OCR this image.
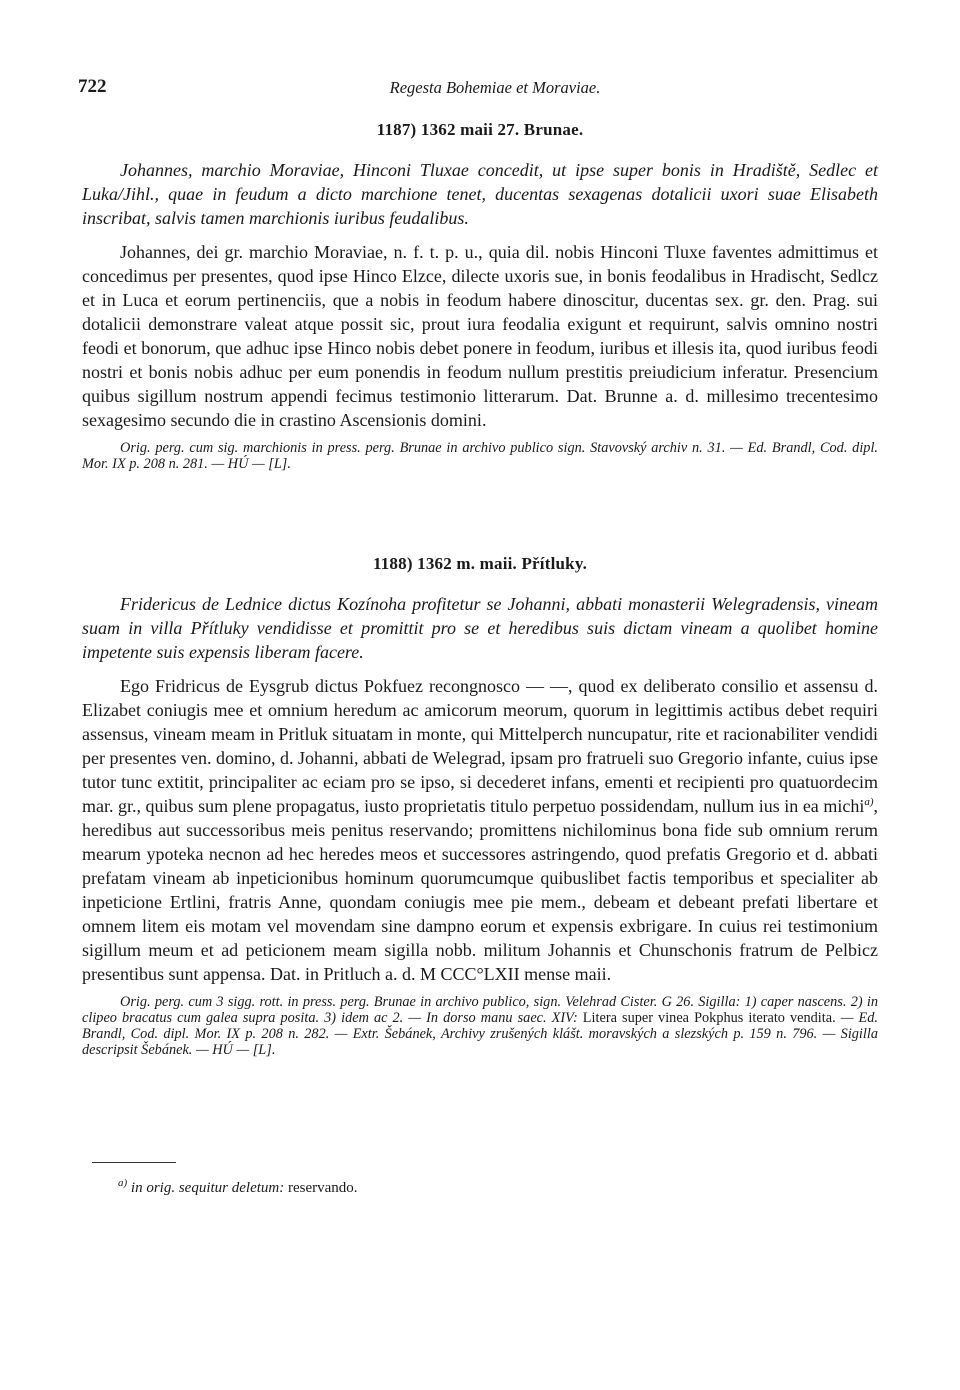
722	Regesta Bohemiae et Moraviae.
1187) 1362 maii 27. Brunae.
Johannes, marchio Moraviae, Hinconi Tluxae concedit, ut ipse super bonis in Hradiště, Sedlec et Luka/Jihl., quae in feudum a dicto marchione tenet, ducentas sexagenas dotalicii uxori suae Elisabeth inscribat, salvis tamen marchionis iuribus feudalibus.
Johannes, dei gr. marchio Moraviae, n. f. t. p. u., quia dil. nobis Hinconi Tluxe faventes admittimus et concedimus per presentes, quod ipse Hinco Elzce, dilecte uxoris sue, in bonis feodalibus in Hradischt, Sedlcz et in Luca et eorum pertinenciis, que a nobis in feodum habere dinoscitur, ducentas sex. gr. den. Prag. sui dotalicii demonstrare valeat atque possit sic, prout iura feodalia exigunt et requirunt, salvis omnino nostri feodi et bonorum, que adhuc ipse Hinco nobis debet ponere in feodum, iuribus et illesis ita, quod iuribus feodi nostri et bonis nobis adhuc per eum ponendis in feodum nullum prestitis preiudicium inferatur. Presencium quibus sigillum nostrum appendi fecimus testimonio litterarum. Dat. Brunne a. d. millesimo trecentesimo sexagesimo secundo die in crastino Ascensionis domini.
Orig. perg. cum sig. marchionis in press. perg. Brunae in archivo publico sign. Stavovský archiv n. 31. — Ed. Brandl, Cod. dipl. Mor. IX p. 208 n. 281. — HÚ — [L].
1188) 1362 m. maii. Přítluky.
Fridericus de Lednice dictus Kozínoha profitetur se Johanni, abbati monasterii Welegradensis, vineam suam in villa Přítluky vendidisse et promittit pro se et heredibus suis dictam vineam a quolibet homine impetente suis expensis liberam facere.
Ego Fridricus de Eysgrub dictus Pokfuez recongnosco — —, quod ex deliberato consilio et assensu d. Elizabet coniugis mee et omnium heredum ac amicorum meorum, quorum in legittimis actibus debet requiri assensus, vineam meam in Pritluk situatam in monte, qui Mittelperch nuncupatur, rite et racionabiliter vendidi per presentes ven. domino, d. Johanni, abbati de Welegrad, ipsam pro fratrueli suo Gregorio infante, cuius ipse tutor tunc extitit, principaliter ac eciam pro se ipso, si decederet infans, ementi et recipienti pro quatuordecim mar. gr., quibus sum plene propagatus, iusto proprietatis titulo perpetuo possidendam, nullum ius in ea michi$^{a)}$, heredibus aut successoribus meis penitus reservando; promittens nichilominus bona fide sub omnium rerum mearum ypoteka necnon ad hec heredes meos et successores astringendo, quod prefatis Gregorio et d. abbati prefatam vineam ab inpeticionibus hominum quorumcumque quibuslibet factis temporibus et specialiter ab inpeticione Ertlini, fratris Anne, quondam coniugis mee pie mem., debeam et debeant prefati libertare et omnem litem eis motam vel movendam sine dampno eorum et expensis exbrigare. In cuius rei testimonium sigillum meum et ad peticionem meam sigilla nobb. militum Johannis et Chunschonis fratrum de Pelbicz presentibus sunt appensa. Dat. in Pritluch a. d. M CCC°LXII mense maii.
Orig. perg. cum 3 sigg. rott. in press. perg. Brunae in archivo publico, sign. Velehrad Cister. G 26. Sigilla: 1) caper nascens. 2) in clipeo bracatus cum galea supra posita. 3) idem ac 2. — In dorso manu saec. XIV: Litera super vinea Pokphus iterato vendita. — Ed. Brandl, Cod. dipl. Mor. IX p. 208 n. 282. — Extr. Šebánek, Archivy zrušených klášt. moravských a slezských p. 159 n. 796. — Sigilla descripsit Šebánek. — HÚ — [L].
$^{a)}$ in orig. sequitur deletum: reservando.
